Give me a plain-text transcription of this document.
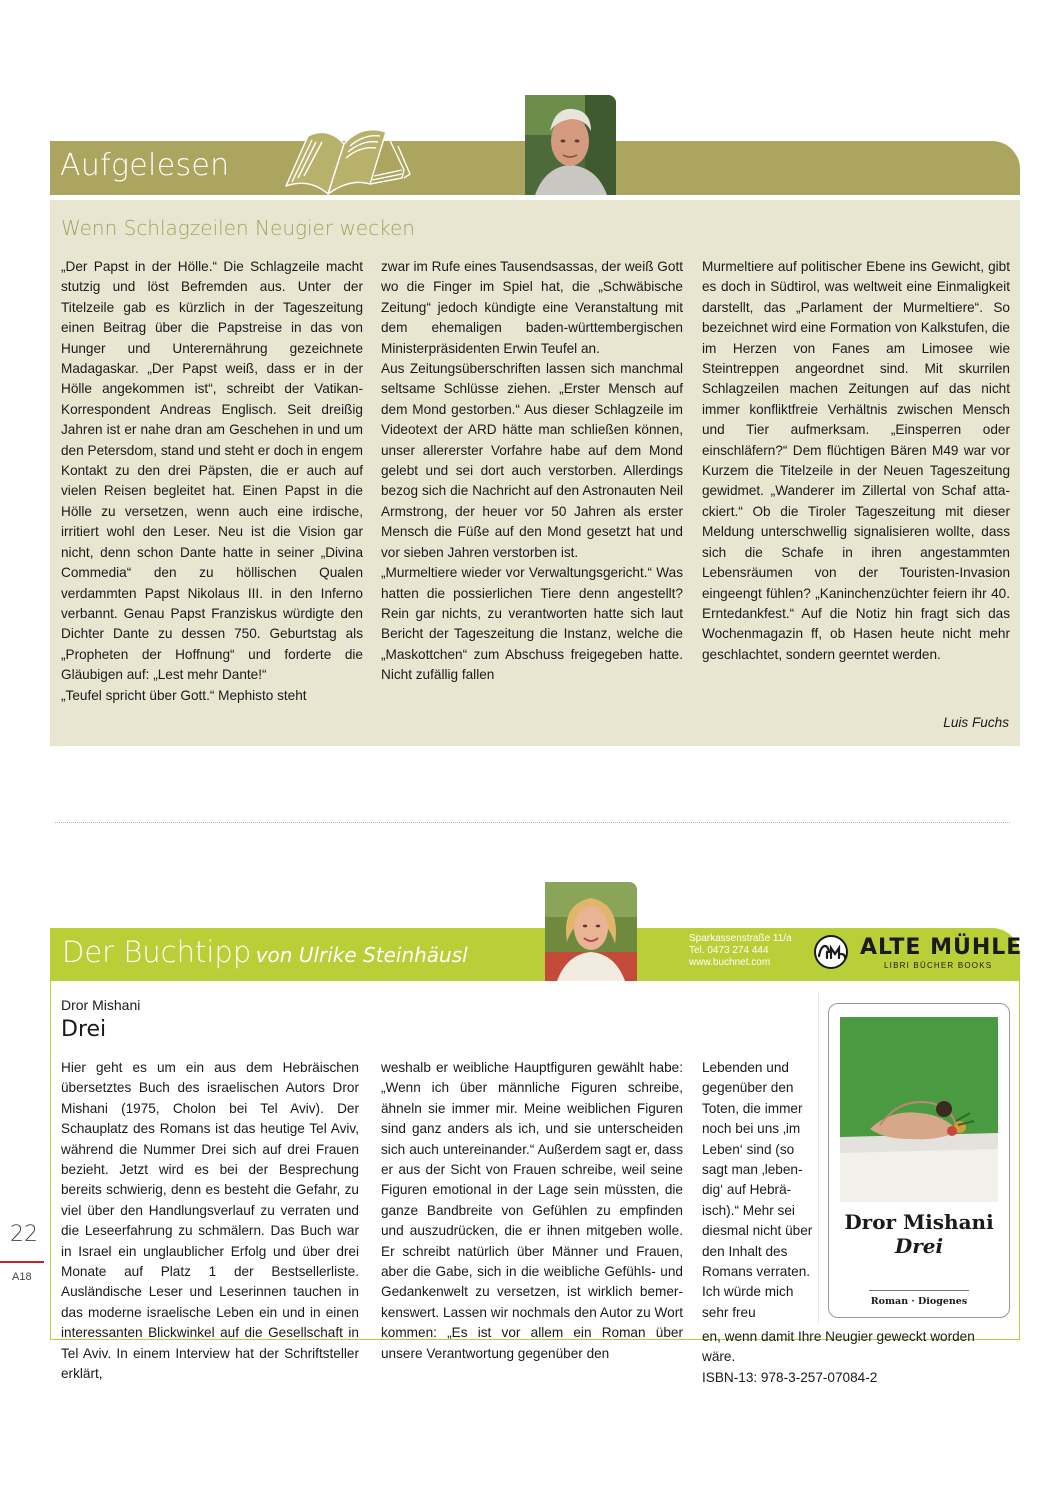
Aufgelesen
Wenn Schlagzeilen Neugier wecken

„Der Papst in der Hölle.“ Die Schlagzeile macht stutzig und löst Befremden aus. Unter der Titelzeile gab es kürzlich in der Tageszeitung einen Beitrag über die Papstreise in das von Hunger und Unterernährung gezeichnete Madagaskar. „Der Papst weiß, dass er in der Hölle angekommen ist“, schreibt der Vatikan-Korrespondent Andreas Englisch. Seit dreißig Jahren ist er nahe dran am Geschehen in und um den Petersdom, stand und steht er doch in engem Kontakt zu den drei Päpsten, die er auch auf vielen Reisen begleitet hat. Einen Papst in die Hölle zu versetzen, wenn auch eine irdische, irritiert wohl den Leser. Neu ist die Vision gar nicht, denn schon Dante hatte in seiner „Divina Commedia“ den zu höllischen Qualen verdammten Papst Nikolaus III. in den Inferno verbannt. Genau Papst Franziskus würdigte den Dichter Dante zu dessen 750. Geburtstag als „Propheten der Hoffnung“ und forderte die Gläubigen auf: „Lest mehr Dante!“

„Teufel spricht über Gott.“ Mephisto steht

zwar im Rufe eines Tausendsassas, der weiß Gott wo die Finger im Spiel hat, die „Schwäbische Zeitung“ jedoch kündigte eine Veranstaltung mit dem ehemaligen baden-württembergischen Ministerpräsidenten Erwin Teufel an.

Aus Zeitungsüberschriften lassen sich manchmal seltsame Schlüsse ziehen. „Erster Mensch auf dem Mond gestorben.“ Aus dieser Schlagzeile im Videotext der ARD hätte man schließen können, unser allererster Vorfahre habe auf dem Mond gelebt und sei dort auch verstorben. Allerdings bezog sich die Nachricht auf den Astronauten Neil Armstrong, der heuer vor 50 Jahren als erster Mensch die Füße auf den Mond gesetzt hat und vor sieben Jahren verstorben ist.

„Murmeltiere wieder vor Verwaltungsgericht.“ Was hatten die possierlichen Tiere denn angestellt? Rein gar nichts, zu verantworten hatte sich laut Bericht der Tageszeitung die Instanz, welche die „Maskottchen“ zum Abschuss freigegeben hatte. Nicht zufällig fallen

Murmeltiere auf politischer Ebene ins Gewicht, gibt es doch in Südtirol, was weltweit eine Einmaligkeit darstellt, das „Parlament der Murmeltiere“. So bezeichnet wird eine Formation von Kalkstufen, die im Herzen von Fanes am Limosee wie Steintreppen angeordnet sind. Mit skurrilen Schlagzeilen machen Zeitungen auf das nicht immer konfliktfreie Verhältnis zwischen Mensch und Tier aufmerksam. „Einsperren oder einschläfern?“ Dem flüchtigen Bären M49 war vor Kurzem die Titelzeile in der Neuen Tageszeitung gewidmet. „Wanderer im Zillertal von Schaf attackiert.“ Ob die Tiroler Tageszeitung mit dieser Meldung unterschwellig signalisieren wollte, dass sich die Schafe in ihren angestammten Lebensräumen von der Touristen-Invasion eingeengt fühlen? „Kaninchenzüchter feiern ihr 40. Erntedankfest.“ Auf die Notiz hin fragt sich das Wochenmagazin ff, ob Hasen heute nicht mehr geschlachtet, sondern geerntet werden.

Luis Fuchs
Der Buchtipp von Ulrike Steinhäusl
Sparkassenstraße 11/a
Tel. 0473 274 444
www.buchnet.com
ALTE MÜHLE
LIBRI BÜCHER BOOKS
Dror Mishani
Drei

Hier geht es um ein aus dem Hebräischen übersetztes Buch des israelischen Autors Dror Mishani (1975, Cholon bei Tel Aviv). Der Schauplatz des Romans ist das heutige Tel Aviv, während die Nummer Drei sich auf drei Frauen bezieht. Jetzt wird es bei der Besprechung bereits schwierig, denn es besteht die Gefahr, zu viel über den Handlungsverlauf zu verraten und die Leseerfahrung zu schmälern. Das Buch war in Israel ein unglaublicher Erfolg und über drei Monate auf Platz 1 der Bestsellerliste. Ausländische Leser und Leserinnen tauchen in das moderne israelische Leben ein und in einen interessanten Blickwinkel auf die Gesellschaft in Tel Aviv. In einem Interview hat der Schriftsteller erklärt,

weshalb er weibliche Hauptfiguren gewählt habe: „Wenn ich über männliche Figuren schreibe, ähneln sie immer mir. Meine weiblichen Figuren sind ganz anders als ich, und sie unterscheiden sich auch untereinander.“ Außerdem sagt er, dass er aus der Sicht von Frauen schreibe, weil seine Figuren emotional in der Lage sein müssten, die ganze Bandbreite von Gefühlen zu empfinden und auszudrücken, die er ihnen mitgeben wolle. Er schreibt natürlich über Männer und Frauen, aber die Gabe, sich in die weibliche Gefühls- und Gedankenwelt zu versetzen, ist wirklich bemerkenswert. Lassen wir nochmals den Autor zu Wort kommen: „Es ist vor allem ein Roman über unsere Verantwortung gegenüber den

Lebenden und gegenüber den Toten, die immer noch bei uns ‚im Leben‘ sind (so sagt man ‚lebendig‘ auf Hebräisch).“ Mehr sei diesmal nicht über den Inhalt des Romans verraten. Ich würde mich sehr freu

en, wenn damit Ihre Neugier geweckt worden wäre.

ISBN-13: 978-3-257-07084-2

Dror Mishani
Drei
Roman · Diogenes
22
A18
